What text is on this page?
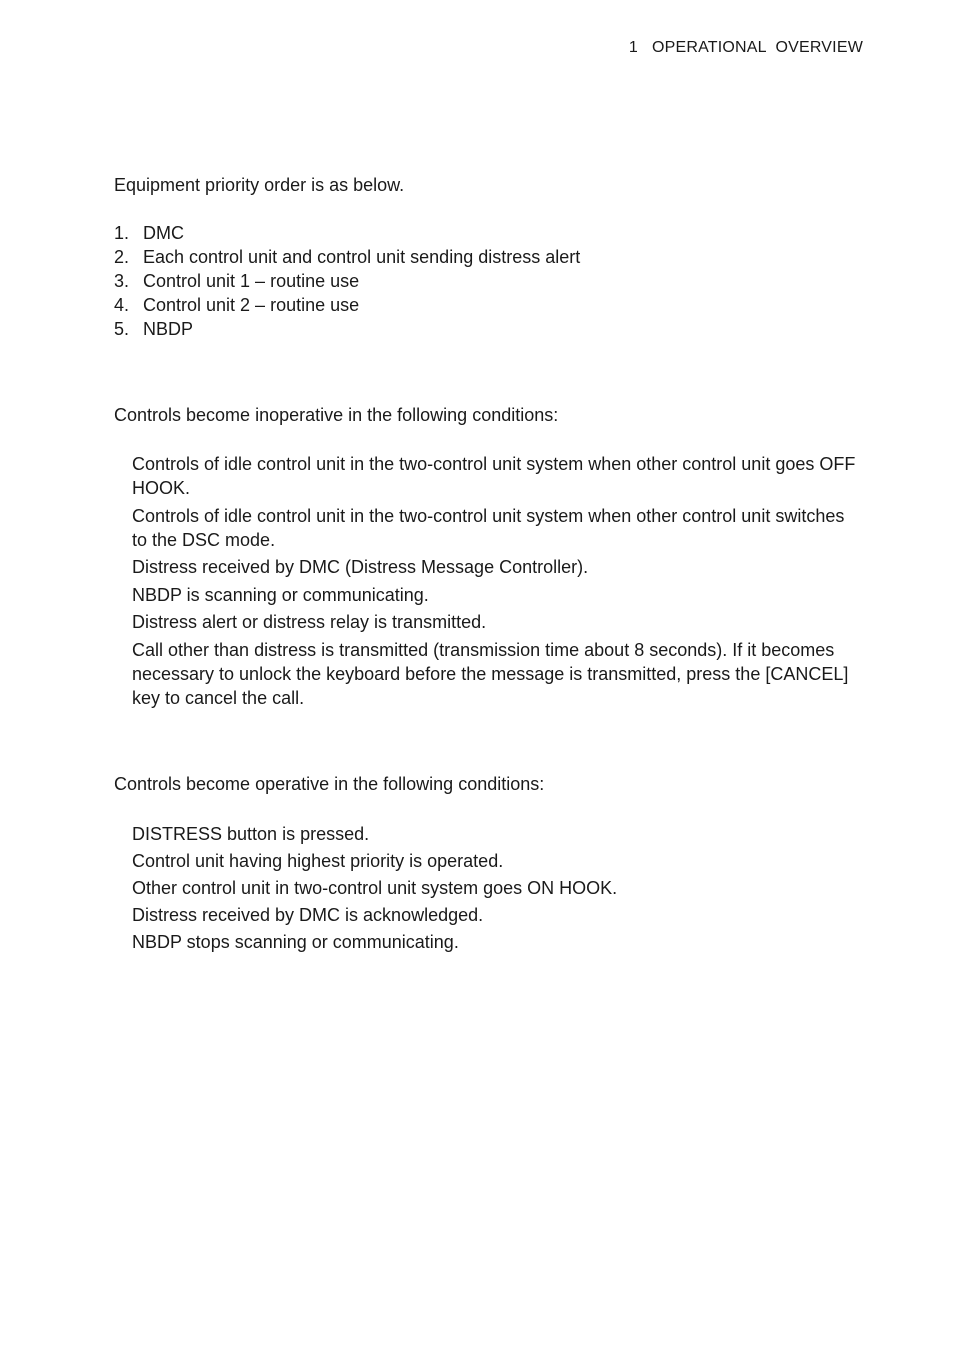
1 OPERATIONAL  OVERVIEW

Equipment priority order is as below.

1. DMC
2. Each control unit and control unit sending distress alert
3. Control unit 1 – routine use
4. Control unit 2 – routine use
5. NBDP

Controls become inoperative in the following conditions:

Controls of idle control unit in the two-control unit system when other control unit goes OFF HOOK.
Controls of idle control unit in the two-control unit system when other control unit switches to the DSC mode.
Distress received by DMC (Distress Message Controller).
NBDP is scanning or communicating.
Distress alert or distress relay is transmitted.
Call other than distress is transmitted (transmission time about 8 seconds). If it becomes necessary to unlock the keyboard before the message is transmitted, press the [CANCEL] key to cancel the call.

Controls become operative in the following conditions:

DISTRESS button is pressed.
Control unit having highest priority is operated.
Other control unit in two-control unit system goes ON HOOK.
Distress received by DMC is acknowledged.
NBDP stops scanning or communicating.
